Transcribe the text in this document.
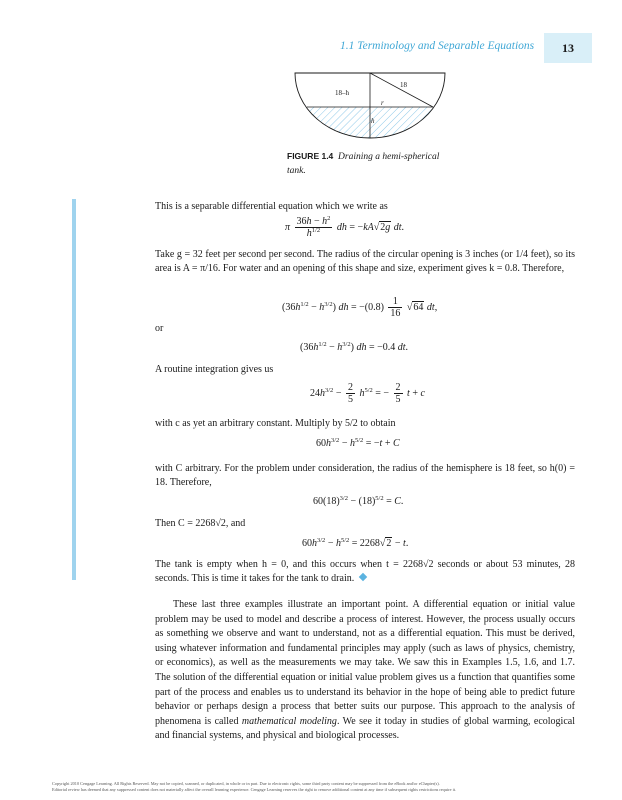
1.1 Terminology and Separable Equations	13
18
18–h
r
h
FIGURE 1.4 Draining a hemi-spherical tank.
This is a separable differential equation which we write as
π $\frac{36h - h^2}{h^{1/2}}$ dh = −kA√2g dt.
Take g = 32 feet per second per second. The radius of the circular opening is 3 inches (or 1/4 feet), so its area is A = π/16. For water and an opening of this shape and size, experiment gives k = 0.8. Therefore,
$(36h^{1/2} - h^{3/2})$ dh = $-(0.8) \frac{1}{16} √64$ dt,
or
$(36h^{1/2} - h^{3/2})$ dh = −0.4 dt.
A routine integration gives us
$24h^{3/2} - \frac{2}{5} h^{5/2}$ = − $\frac{2}{5}$ t + c
with c as yet an arbitrary constant. Multiply by 5/2 to obtain
$60h^{3/2} - h^{5/2} = -t + C$
with C arbitrary. For the problem under consideration, the radius of the hemisphere is 18 feet, so h(0) = 18. Therefore,
$60(18)^{3/2} - (18)^{5/2} = C$.
Then C = 2268√2, and
$60h^{3/2} - h^{5/2} = 2268√2 - t$.
The tank is empty when h = 0, and this occurs when t = 2268√2 seconds or about 53 minutes, 28 seconds. This is time it takes for the tank to drain.
These last three examples illustrate an important point. A differential equation or initial value problem may be used to model and describe a process of interest. However, the process usually occurs as something we observe and want to understand, not as a differential equation. This must be derived, using whatever information and fundamental principles may apply (such as laws of physics, chemistry, or economics), as well as the measurements we may take. We saw this in Examples 1.5, 1.6, and 1.7. The solution of the differential equation or initial value problem gives us a function that quantifies some part of the process and enables us to understand its behavior in the hope of being able to predict future behavior or perhaps design a process that better suits our purpose. This approach to the analysis of phenomena is called mathematical modeling. We see it today in studies of global warming, ecological and financial systems, and physical and biological processes.
Copyright 2010 Cengage Learning. All Rights Reserved. May not be copied, scanned, or duplicated, in whole or in part. Due to electronic rights, some third party content may be suppressed from the eBook and/or eChapter(s).
Editorial review has deemed that any suppressed content does not materially affect the overall learning experience. Cengage Learning reserves the right to remove additional content at any time if subsequent rights restrictions require it.
